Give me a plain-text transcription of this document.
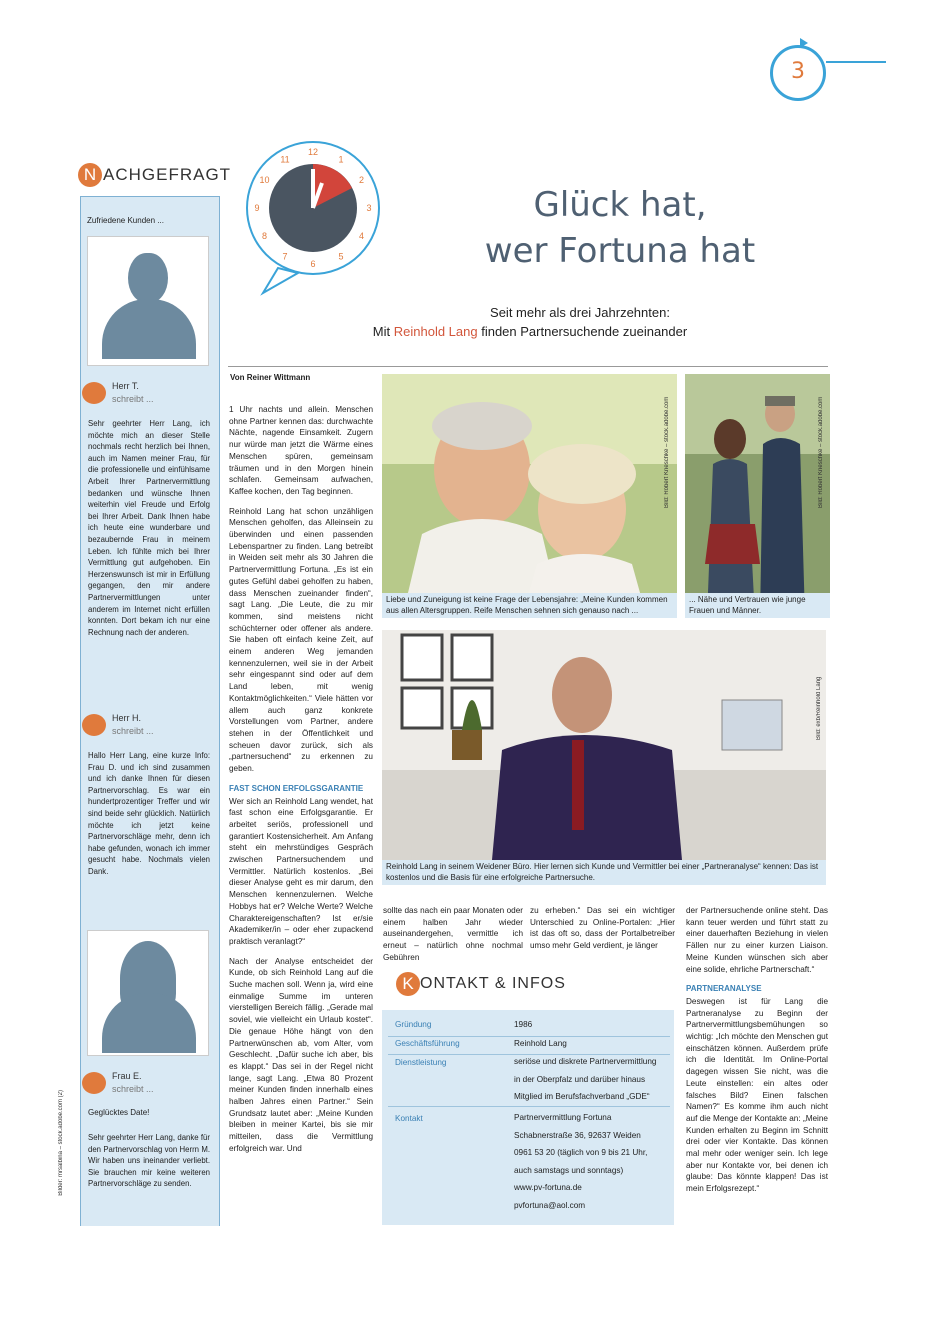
3
N ACHGEFRAGT
Zufriedene Kunden ...
Herr T.
schreibt ...
Sehr geehrter Herr Lang, ich möchte mich an dieser Stelle nochmals recht herzlich bei Ihnen, auch im Namen meiner Frau, für die professionelle und einfühlsame Arbeit Ihrer Partnervermittlung bedanken und wünsche Ihnen weiterhin viel Freude und Erfolg bei Ihrer Arbeit. Dank Ihnen habe ich heute eine wunderbare und bezaubernde Frau in meinem Leben. Ich fühlte mich bei Ihrer Vermittlung gut aufgehoben. Ein Herzenswunsch ist mir in Erfüllung gegangen, den mir andere Partnervermittlungen unter anderem im Internet nicht erfüllen konnten. Dort bekam ich nur eine Rechnung nach der anderen.
Herr H.
schreibt ...
Hallo Herr Lang, eine kurze Info: Frau D. und ich sind zusammen und ich danke Ihnen für diesen Partnervorschlag. Es war ein hundertprozentiger Treffer und wir sind beide sehr glücklich. Natürlich möchte ich jetzt keine Partnervorschläge mehr, denn ich habe gefunden, wonach ich immer gesucht habe. Nochmals vielen Dank.
Frau E.
schreibt ...
Geglücktes Date!
Sehr geehrter Herr Lang, danke für den Partnervorschlag von Herrn M. Wir haben uns ineinander verliebt. Sie brauchen mir keine weiteren Partnervorschläge zu senden.
Bilder: mrsalbina – stock.adobe.com (2)
12
1
2
3
4
5
6
7
8
9
10
11
Glück hat,
wer Fortuna hat
Seit mehr als drei Jahrzehnten:
Mit Reinhold Lang finden Partnersuchende zueinander
Von Reiner Wittmann

1 Uhr nachts und allein. Menschen ohne Partner kennen das: durchwachte Nächte, nagende Einsamkeit. Zugern nur würde man jetzt die Wärme eines Menschen spüren, gemeinsam träumen und in den Morgen hinein schlafen. Gemeinsam aufwachen, Kaffee kochen, den Tag beginnen.

Reinhold Lang hat schon unzähligen Menschen geholfen, das Alleinsein zu überwinden und einen passenden Lebenspartner zu finden. Lang betreibt in Weiden seit mehr als 30 Jahren die Partnervermittlung Fortuna. „Es ist ein gutes Gefühl dabei geholfen zu haben, dass Menschen zueinander finden“, sagt Lang. „Die Leute, die zu mir kommen, sind meistens nicht schüchterner oder offener als andere. Sie haben oft einfach keine Zeit, auf einem anderen Weg jemanden kennenzulernen, weil sie in der Arbeit sehr eingespannt sind oder auf dem Land leben, mit wenig Kontaktmöglichkeiten.“ Viele hätten vor allem auch ganz konkrete Vorstellungen vom Partner, andere stehen in der Öffentlichkeit und scheuen davor zurück, sich als „partnersuchend“ zu erkennen zu geben.

FAST SCHON ERFOLGSGARANTIE

Wer sich an Reinhold Lang wendet, hat fast schon eine Erfolgsgarantie. Er arbeitet seriös, professionell und garantiert Kostensicherheit. Am Anfang steht ein mehrstündiges Gespräch zwischen Partnersuchendem und Vermittler. Natürlich kostenlos. „Bei dieser Analyse geht es mir darum, den Menschen kennenzulernen. Welche Hobbys hat er? Welche Werte? Welche Charaktereigenschaften? Ist er/sie Akademiker/in – oder eher zupackend praktisch veranlagt?“

Nach der Analyse entscheidet der Kunde, ob sich Reinhold Lang auf die Suche machen soll. Wenn ja, wird eine einmalige Summe im unteren vierstelligen Bereich fällig. „Gerade mal soviel, wie vielleicht ein Urlaub kostet“. Die genaue Höhe hängt von den Partnerwünschen ab, vom Alter, vom Geschlecht. „Dafür suche ich aber, bis es klappt.“ Das sei in der Regel nicht lange, sagt Lang. „Etwa 80 Prozent meiner Kunden finden innerhalb eines halben Jahres einen Partner.“ Sein Grundsatz lautet aber: „Meine Kunden bleiben in meiner Kartei, bis sie mir mitteilen, dass die Vermittlung erfolgreich war. Und

Bild: Robert Kneschke – stock.adobe.com
Liebe und Zuneigung ist keine Frage der Lebensjahre: „Meine Kunden kommen aus allen Altersgruppen. Reife Menschen sehnen sich genauso nach ...
Bild: Robert Kneschke – stock.adobe.com
... Nähe und Vertrauen wie junge Frauen und Männer.
Bild: exb/Reinhold Lang
Reinhold Lang in seinem Weidener Büro. Hier lernen sich Kunde und Vermittler bei einer „Partneranalyse“ kennen: Das ist kostenlos und die Basis für eine erfolgreiche Partnersuche.

sollte das nach ein paar Monaten oder einem halben Jahr wieder auseinandergehen, vermittle ich erneut – natürlich ohne nochmal Gebühren

zu erheben.“ Das sei ein wichtiger Unterschied zu Online-Portalen: „Hier ist das oft so, dass der Portalbetreiber umso mehr Geld verdient, je länger

der Partnersuchende online steht. Das kann teuer werden und führt statt zu einer dauerhaften Beziehung in vielen Fällen nur zu einer kurzen Liaison. Meine Kunden wünschen sich aber eine solide, ehrliche Partnerschaft.“

PARTNERANALYSE

Deswegen ist für Lang die Partneranalyse zu Beginn der Partnervermittlungsbemühungen so wichtig: „Ich möchte den Menschen gut einschätzen können. Außerdem prüfe ich die Identität. Im Online-Portal dagegen wissen Sie nicht, was die Leute einstellen: ein altes oder falsches Bild? Einen falschen Namen?“ Es komme ihm auch nicht auf die Menge der Kontakte an: „Meine Kunden erhalten zu Beginn im Schnitt drei oder vier Kontakte. Das können mal mehr oder weniger sein. Ich lege aber nur Kontakte vor, bei denen ich glaube: Das könnte klappen! Das ist mein Erfolgsrezept.“

K ONTAKT & INFOS
Gründung	1986
Geschäftsführung	Reinhold Lang
Dienstleistung	seriöse und diskrete Partnervermittlung
in der Oberpfalz und darüber hinaus
Mitglied im Berufsfachverband „GDE“
Kontakt	Partnervermittlung Fortuna
Schabnerstraße 36, 92637 Weiden
0961 53 20 (täglich von 9 bis 21 Uhr,
auch samstags und sonntags)
www.pv-fortuna.de
pvfortuna@aol.com
